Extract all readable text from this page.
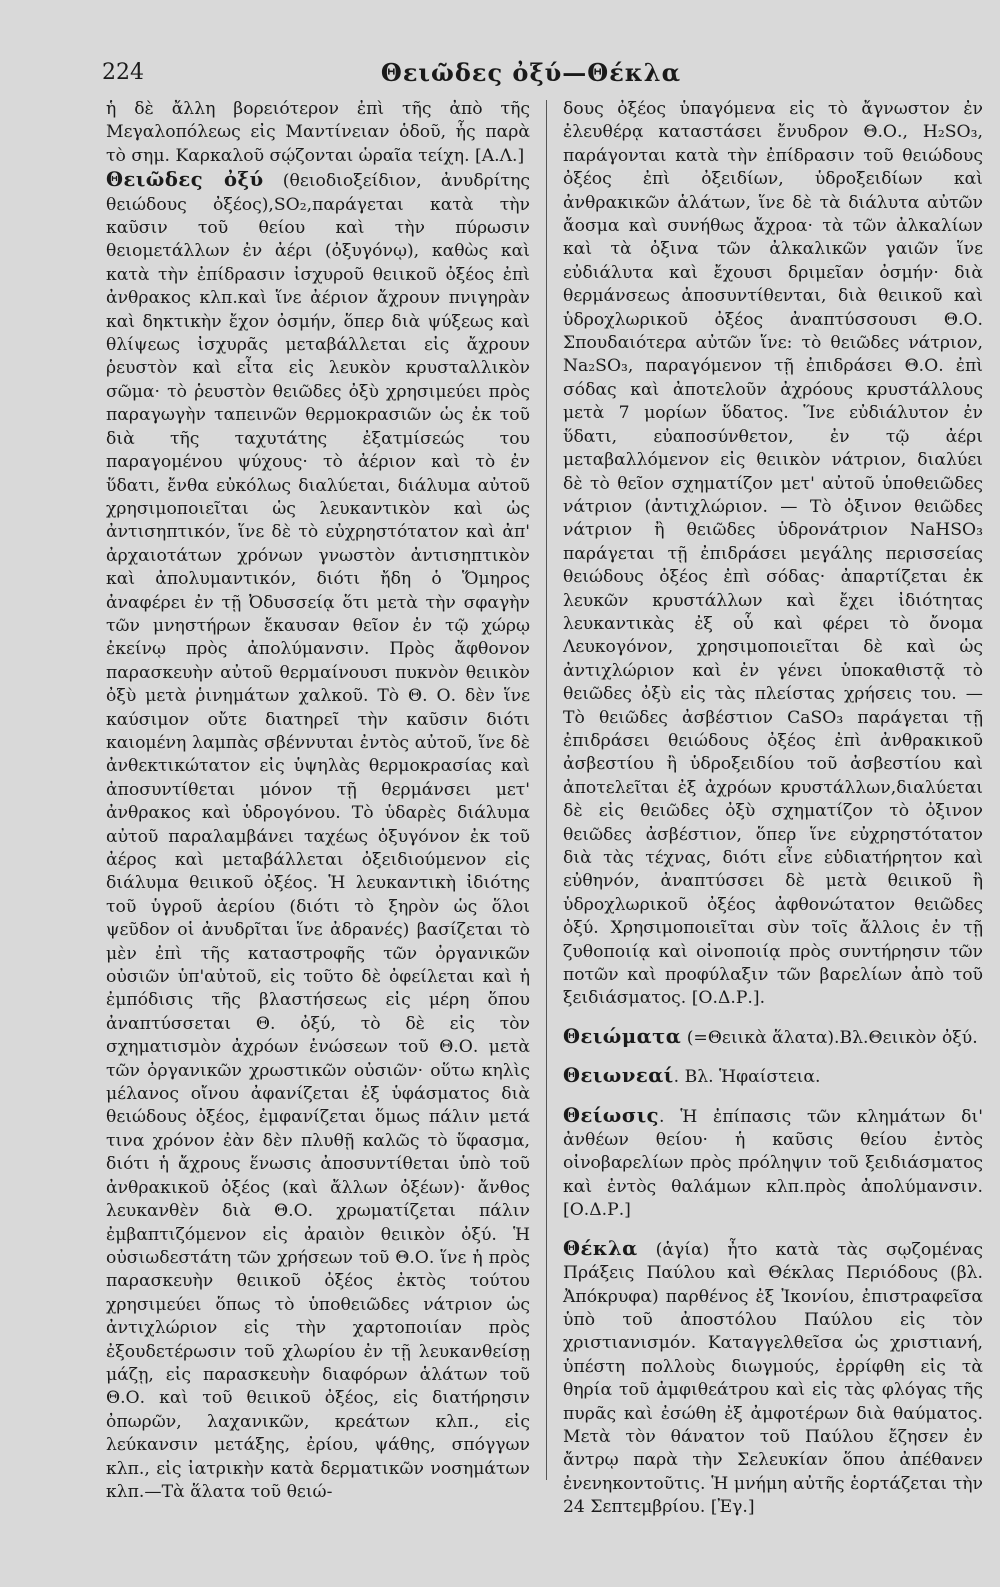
224	Θειῶδες ὀξύ—Θέκλα

ἡ δὲ ἄλλη βορειότερον ἐπὶ τῆς ἀπὸ τῆς Μεγαλοπόλεως εἰς Μαντίνειαν ὁδοῦ, ἧς παρὰ τὸ σημ. Καρκαλοῦ σῴζονται ὡραῖα τείχη. [Α.Λ.]

Θειῶδες ὀξύ (θειοδιοξείδιον, ἀνυδρίτης θειώδους ὀξέος),SO₂,παράγεται κατὰ τὴν καῦσιν τοῦ θείου καὶ τὴν πύρωσιν θειομετάλλων ἐν ἀέρι (ὀξυγόνῳ), καθὼς καὶ κατὰ τὴν ἐπίδρασιν ἰσχυροῦ θειικοῦ ὀξέος ἐπὶ ἀνθρακος κλπ.καὶ ἵνε ἀέριον ἄχρουν πνιγηρὰν καὶ δηκτικὴν ἔχον ὀσμήν, ὅπερ διὰ ψύξεως καὶ θλίψεως ἰσχυρᾶς μεταβάλλεται εἰς ἄχρουν ῥευστὸν καὶ εἶτα εἰς λευκὸν κρυσταλλικὸν σῶμα· τὸ ῥευστὸν θειῶδες ὀξὺ χρησιμεύει πρὸς παραγωγὴν ταπεινῶν θερμοκρασιῶν ὡς ἐκ τοῦ διὰ τῆς ταχυτάτης ἐξατμίσεώς του παραγομένου ψύχους· τὸ ἀέριον καὶ τὸ ἐν ὕδατι, ἔνθα εὐκόλως διαλύεται, διάλυμα αὐτοῦ χρησιμοποιεῖται ὡς λευκαντικὸν καὶ ὡς ἀντισηπτικόν, ἵνε δὲ τὸ εὐχρηστότατον καὶ ἀπ' ἀρχαιοτάτων χρόνων γνωστὸν ἀντισηπτικὸν καὶ ἀπολυμαντικόν, διότι ἤδη ὁ Ὅμηρος ἀναφέρει ἐν τῇ Ὀδυσσείᾳ ὅτι μετὰ τὴν σφαγὴν τῶν μνηστήρων ἔκαυσαν θεῖον ἐν τῷ χώρῳ ἐκείνῳ πρὸς ἀπολύμανσιν. Πρὸς ἄφθονον παρασκευὴν αὐτοῦ θερμαίνουσι πυκνὸν θειικὸν ὀξὺ μετὰ ῥινημάτων χαλκοῦ. Τὸ Θ. Ο. δὲν ἵνε καύσιμον οὔτε διατηρεῖ τὴν καῦσιν διότι καιομένη λαμπὰς σβέννυται ἐντὸς αὐτοῦ, ἵνε δὲ ἀνθεκτικώτατον εἰς ὑψηλὰς θερμοκρασίας καὶ ἀποσυντίθεται μόνον τῇ θερμάνσει μετ' ἀνθρακος καὶ ὑδρογόνου. Τὸ ὑδαρὲς διάλυμα αὐτοῦ παραλαμβάνει ταχέως ὀξυγόνον ἐκ τοῦ ἀέρος καὶ μεταβάλλεται ὀξειδιούμενον εἰς διάλυμα θειικοῦ ὀξέος. Ἡ λευκαντικὴ ἰδιότης τοῦ ὑγροῦ ἀερίου (διότι τὸ ξηρὸν ὡς ὅλοι ψεῦδον οἱ ἀνυδρῖται ἵνε ἀδρανές) βασίζεται τὸ μὲν ἐπὶ τῆς καταστροφῆς τῶν ὀργανικῶν οὐσιῶν ὑπ'αὐτοῦ, εἰς τοῦτο δὲ ὀφείλεται καὶ ἡ ἐμπόδισις τῆς βλαστήσεως εἰς μέρη ὅπου ἀναπτύσσεται Θ. ὀξύ, τὸ δὲ εἰς τὸν σχηματισμὸν ἀχρόων ἑνώσεων τοῦ Θ.Ο. μετὰ τῶν ὀργανικῶν χρωστικῶν οὐσιῶν· οὕτω κηλὶς μέλανος οἴνου ἀφανίζεται ἐξ ὑφάσματος διὰ θειώδους ὀξέος, ἐμφανίζεται ὅμως πάλιν μετά τινα χρόνον ἐὰν δὲν πλυθῇ καλῶς τὸ ὕφασμα, διότι ἡ ἄχρους ἕνωσις ἀποσυντίθεται ὑπὸ τοῦ ἀνθρακικοῦ ὀξέος (καὶ ἄλλων ὀξέων)· ἄνθος λευκανθὲν διὰ Θ.Ο. χρωματίζεται πάλιν ἐμβαπτιζόμενον εἰς ἀραιὸν θειικὸν ὀξύ. Ἡ οὐσιωδεστάτη τῶν χρήσεων τοῦ Θ.Ο. ἵνε ἡ πρὸς παρασκευὴν θειικοῦ ὀξέος ἐκτὸς τούτου χρησιμεύει ὅπως τὸ ὑποθειῶδες νάτριον ὡς ἀντιχλώριον εἰς τὴν χαρτοποιίαν πρὸς ἐξουδετέρωσιν τοῦ χλωρίου ἐν τῇ λευκανθείσῃ μάζῃ, εἰς παρασκευὴν διαφόρων ἁλάτων τοῦ Θ.Ο. καὶ τοῦ θειικοῦ ὀξέος, εἰς διατήρησιν ὀπωρῶν, λαχανικῶν, κρεάτων κλπ., εἰς λεύκανσιν μετάξης, ἐρίου, ψάθης, σπόγγων κλπ., εἰς ἰατρικὴν κατὰ δερματικῶν νοσημάτων κλπ.—Τὰ ἅλατα τοῦ θειώ-

δους ὀξέος ὑπαγόμενα εἰς τὸ ἄγνωστον ἐν ἐλευθέρᾳ καταστάσει ἔνυδρον Θ.Ο., H₂SO₃, παράγονται κατὰ τὴν ἐπίδρασιν τοῦ θειώδους ὀξέος ἐπὶ ὀξειδίων, ὑδροξειδίων καὶ ἀνθρακικῶν ἁλάτων, ἵνε δὲ τὰ διάλυτα αὐτῶν ἄοσμα καὶ συνήθως ἄχροα· τὰ τῶν ἀλκαλίων καὶ τὰ ὀξινα τῶν ἀλκαλικῶν γαιῶν ἵνε εὐδιάλυτα καὶ ἔχουσι δριμεῖαν ὀσμήν· διὰ θερμάνσεως ἀποσυντίθενται, διὰ θειικοῦ καὶ ὑδροχλωρικοῦ ὀξέος ἀναπτύσσουσι Θ.Ο. Σπουδαιότερα αὐτῶν ἵνε: τὸ θειῶδες νάτριον, Na₂SO₃, παραγόμενον τῇ ἐπιδράσει Θ.Ο. ἐπὶ σόδας καὶ ἀποτελοῦν ἀχρόους κρυστάλλους μετὰ 7 μορίων ὕδατος. Ἵνε εὐδιάλυτον ἐν ὕδατι, εὐαποσύνθετον, ἐν τῷ ἀέρι μεταβαλλόμενον εἰς θειικὸν νάτριον, διαλύει δὲ τὸ θεῖον σχηματίζον μετ' αὐτοῦ ὑποθειῶδες νάτριον (ἀντιχλώριον. — Τὸ ὀξινον θειῶδες νάτριον ἢ θειῶδες ὑδρονάτριον NaHSO₃ παράγεται τῇ ἐπιδράσει μεγάλης περισσείας θειώδους ὀξέος ἐπὶ σόδας· ἀπαρτίζεται ἐκ λευκῶν κρυστάλλων καὶ ἔχει ἰδιότητας λευκαντικὰς ἐξ οὗ καὶ φέρει τὸ ὄνομα Λευκογόνον, χρησιμοποιεῖται δὲ καὶ ὡς ἀντιχλώριον καὶ ἐν γένει ὑποκαθιστᾷ τὸ θειῶδες ὀξὺ εἰς τὰς πλείστας χρήσεις του. — Τὸ θειῶδες ἀσβέστιον CaSO₃ παράγεται τῇ ἐπιδράσει θειώδους ὀξέος ἐπὶ ἀνθρακικοῦ ἀσβεστίου ἢ ὑδροξειδίου τοῦ ἀσβεστίου καὶ ἀποτελεῖται ἐξ ἀχρόων κρυστάλλων,διαλύεται δὲ εἰς θειῶδες ὀξὺ σχηματίζον τὸ ὀξινον θειῶδες ἀσβέστιον, ὅπερ ἵνε εὐχρηστότατον διὰ τὰς τέχνας, διότι εἶνε εὐδιατήρητον καὶ εὐθηνόν, ἀναπτύσσει δὲ μετὰ θειικοῦ ἢ ὑδροχλωρικοῦ ὀξέος ἀφθονώτατον θειῶδες ὀξύ. Χρησιμοποιεῖται σὺν τοῖς ἄλλοις ἐν τῇ ζυθοποιίᾳ καὶ οἰνοποιίᾳ πρὸς συντήρησιν τῶν ποτῶν καὶ προφύλαξιν τῶν βαρελίων ἀπὸ τοῦ ξειδιάσματος. [Ο.Δ.Ρ.].

Θειώματα (=Θειικὰ ἅλατα).Βλ.Θειικὸν ὀξύ.

Θειωνεαί. Βλ. Ἡφαίστεια.

Θείωσις. Ἡ ἐπίπασις τῶν κλημάτων δι' ἀνθέων θείου· ἡ καῦσις θείου ἐντὸς οἰνοβαρελίων πρὸς πρόληψιν τοῦ ξειδιάσματος καὶ ἐντὸς θαλάμων κλπ.πρὸς ἀπολύμανσιν.[Ο.Δ.Ρ.]

Θέκλα (ἁγία) ἦτο κατὰ τὰς σῳζομένας Πράξεις Παύλου καὶ Θέκλας Περιόδους (βλ. Ἀπόκρυφα) παρθένος ἐξ Ἰκονίου, ἐπιστραφεῖσα ὑπὸ τοῦ ἀποστόλου Παύλου εἰς τὸν χριστιανισμόν. Καταγγελθεῖσα ὡς χριστιανή, ὑπέστη πολλοὺς διωγμούς, ἐρρίφθη εἰς τὰ θηρία τοῦ ἀμφιθεάτρου καὶ εἰς τὰς φλόγας τῆς πυρᾶς καὶ ἐσώθη ἐξ ἀμφοτέρων διὰ θαύματος. Μετὰ τὸν θάνατον τοῦ Παύλου ἔζησεν ἐν ἄντρῳ παρὰ τὴν Σελευκίαν ὅπου ἀπέθανεν ἐνενηκοντοῦτις. Ἡ μνήμη αὐτῆς ἑορτάζεται τὴν 24 Σεπτεμβρίου. [Ἐγ.]
